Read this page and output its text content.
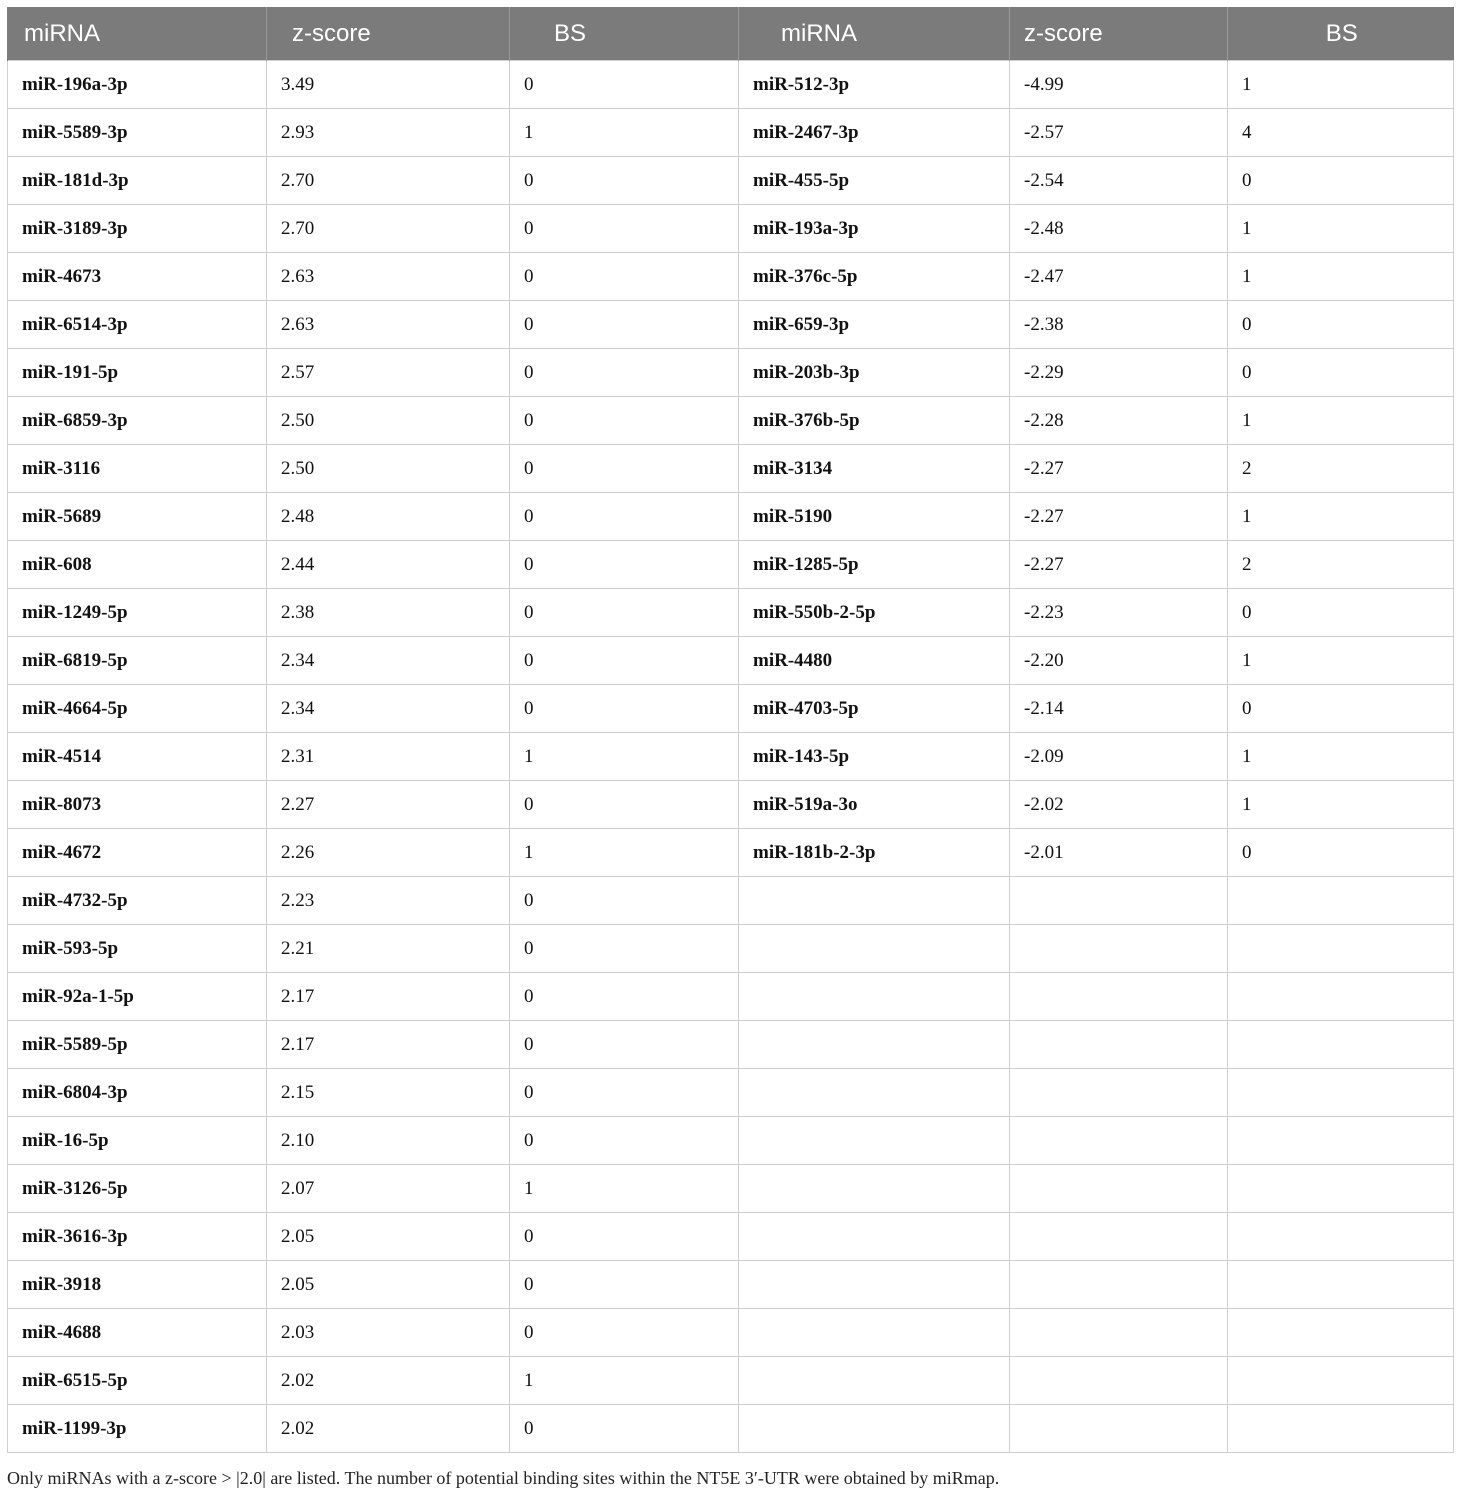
miRNA	z-score	BS	miRNA	z-score	BS
miR-196a-3p	3.49	0	miR-512-3p	-4.99	1
miR-5589-3p	2.93	1	miR-2467-3p	-2.57	4
miR-181d-3p	2.70	0	miR-455-5p	-2.54	0
miR-3189-3p	2.70	0	miR-193a-3p	-2.48	1
miR-4673	2.63	0	miR-376c-5p	-2.47	1
miR-6514-3p	2.63	0	miR-659-3p	-2.38	0
miR-191-5p	2.57	0	miR-203b-3p	-2.29	0
miR-6859-3p	2.50	0	miR-376b-5p	-2.28	1
miR-3116	2.50	0	miR-3134	-2.27	2
miR-5689	2.48	0	miR-5190	-2.27	1
miR-608	2.44	0	miR-1285-5p	-2.27	2
miR-1249-5p	2.38	0	miR-550b-2-5p	-2.23	0
miR-6819-5p	2.34	0	miR-4480	-2.20	1
miR-4664-5p	2.34	0	miR-4703-5p	-2.14	0
miR-4514	2.31	1	miR-143-5p	-2.09	1
miR-8073	2.27	0	miR-519a-3o	-2.02	1
miR-4672	2.26	1	miR-181b-2-3p	-2.01	0
miR-4732-5p	2.23	0			
miR-593-5p	2.21	0			
miR-92a-1-5p	2.17	0			
miR-5589-5p	2.17	0			
miR-6804-3p	2.15	0			
miR-16-5p	2.10	0			
miR-3126-5p	2.07	1			
miR-3616-3p	2.05	0			
miR-3918	2.05	0			
miR-4688	2.03	0			
miR-6515-5p	2.02	1			
miR-1199-3p	2.02	0			
Only miRNAs with a z-score > |2.0| are listed. The number of potential binding sites within the NT5E 3′-UTR were obtained by miRmap.
